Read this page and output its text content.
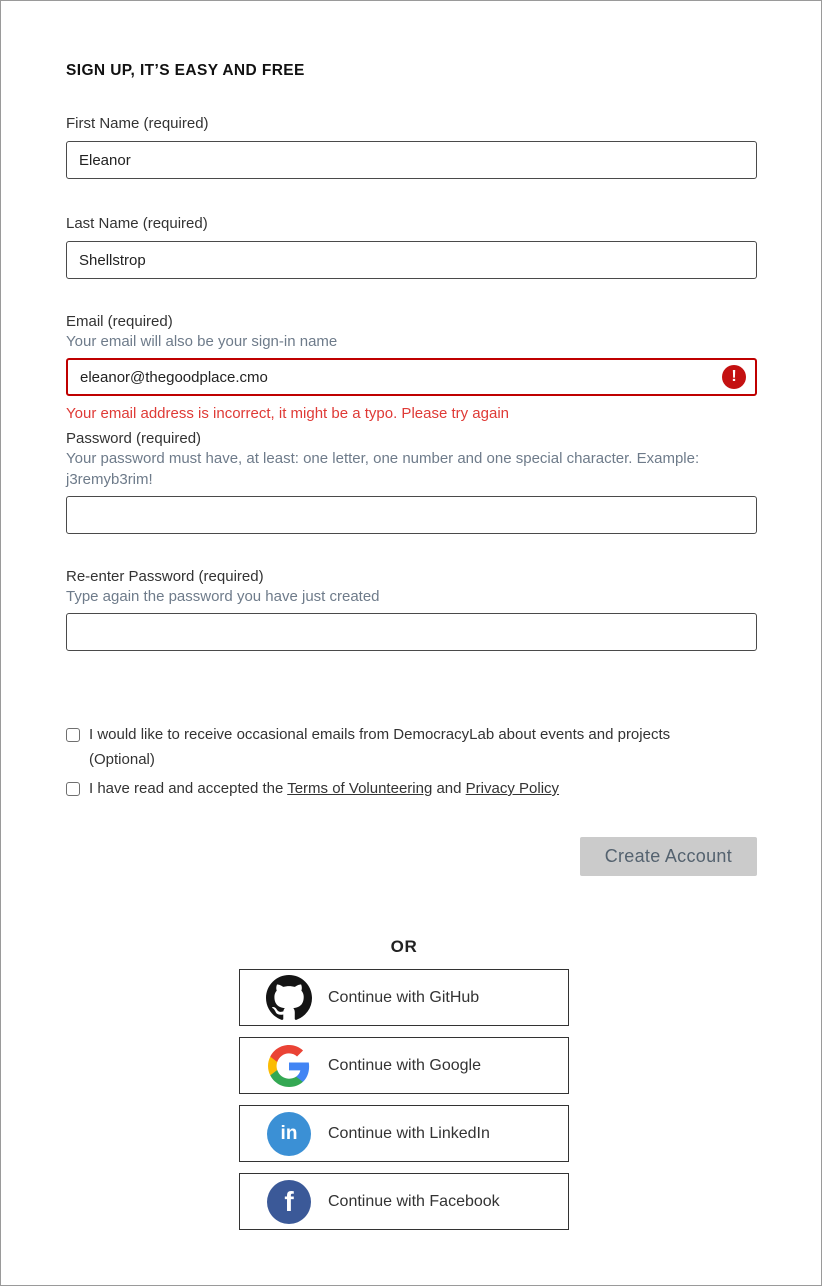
SIGN UP, IT’S EASY AND FREE
First Name (required)
Eleanor
Last Name (required)
Shellstrop
Email (required)
Your email will also be your sign-in name
eleanor@thegoodplace.cmo
!
Your email address is incorrect, it might be a typo. Please try again
Password (required)
Your password must have, at least: one letter, one number and one special character. Example: j3remyb3rim!
Re-enter Password (required)
Type again the password you have just created
I would like to receive occasional emails from DemocracyLab about events and projects (Optional)
I have read and accepted the Terms of Volunteering and Privacy Policy
Create Account
OR
Continue with GitHub
Continue with Google
in	Continue with LinkedIn
f	Continue with Facebook
